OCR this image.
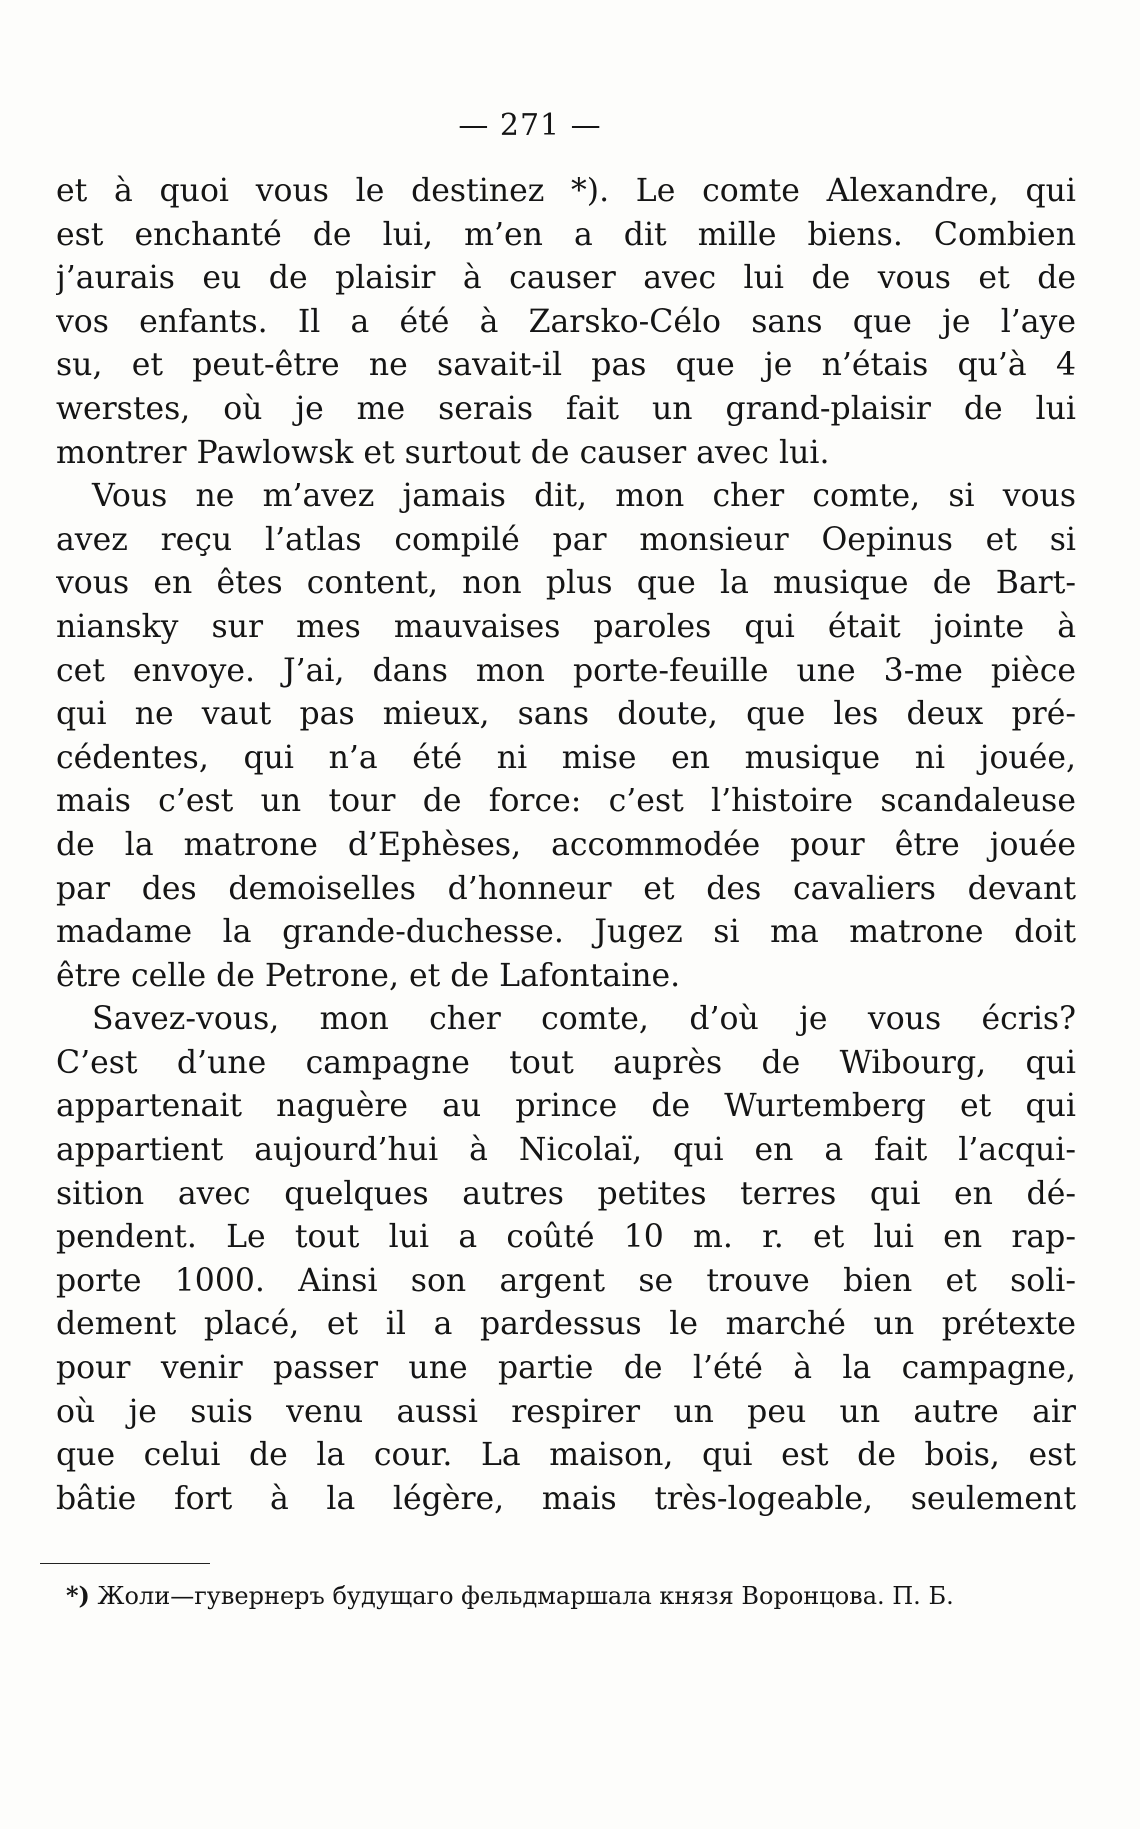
— 271 —
et à quoi vous le destinez *). Le comte Alexandre, qui
est enchanté de lui, m’en a dit mille biens. Combien
j’aurais eu de plaisir à causer avec lui de vous et de
vos enfants. Il a été à Zarsko-Célo sans que je l’aye
su, et peut-être ne savait-il pas que je n’étais qu’à 4
werstes, où je me serais fait un grand-plaisir de lui
montrer Pawlowsk et surtout de causer avec lui.
Vous ne m’avez jamais dit, mon cher comte, si vous
avez reçu l’atlas compilé par monsieur Oepinus et si
vous en êtes content, non plus que la musique de Bart-
niansky sur mes mauvaises paroles qui était jointe à
cet envoye. J’ai, dans mon porte-feuille une 3-me pièce
qui ne vaut pas mieux, sans doute, que les deux pré-
cédentes, qui n’a été ni mise en musique ni jouée,
mais c’est un tour de force: c’est l’histoire scandaleuse
de la matrone d’Ephèses, accommodée pour être jouée
par des demoiselles d’honneur et des cavaliers devant
madame la grande-duchesse. Jugez si ma matrone doit
être celle de Petrone, et de Lafontaine.
Savez-vous, mon cher comte, d’où je vous écris?
C’est d’une campagne tout auprès de Wibourg, qui
appartenait naguère au prince de Wurtemberg et qui
appartient aujourd’hui à Nicolaï, qui en a fait l’acqui-
sition avec quelques autres petites terres qui en dé-
pendent. Le tout lui a coûté 10 m. r. et lui en rap-
porte 1000. Ainsi son argent se trouve bien et soli-
dement placé, et il a pardessus le marché un prétexte
pour venir passer une partie de l’été à la campagne,
où je suis venu aussi respirer un peu un autre air
que celui de la cour. La maison, qui est de bois, est
bâtie fort à la légère, mais très-logeable, seulement
*) Жоли—гувернеръ будущаго фельдмаршала князя Воронцова. П. Б.
